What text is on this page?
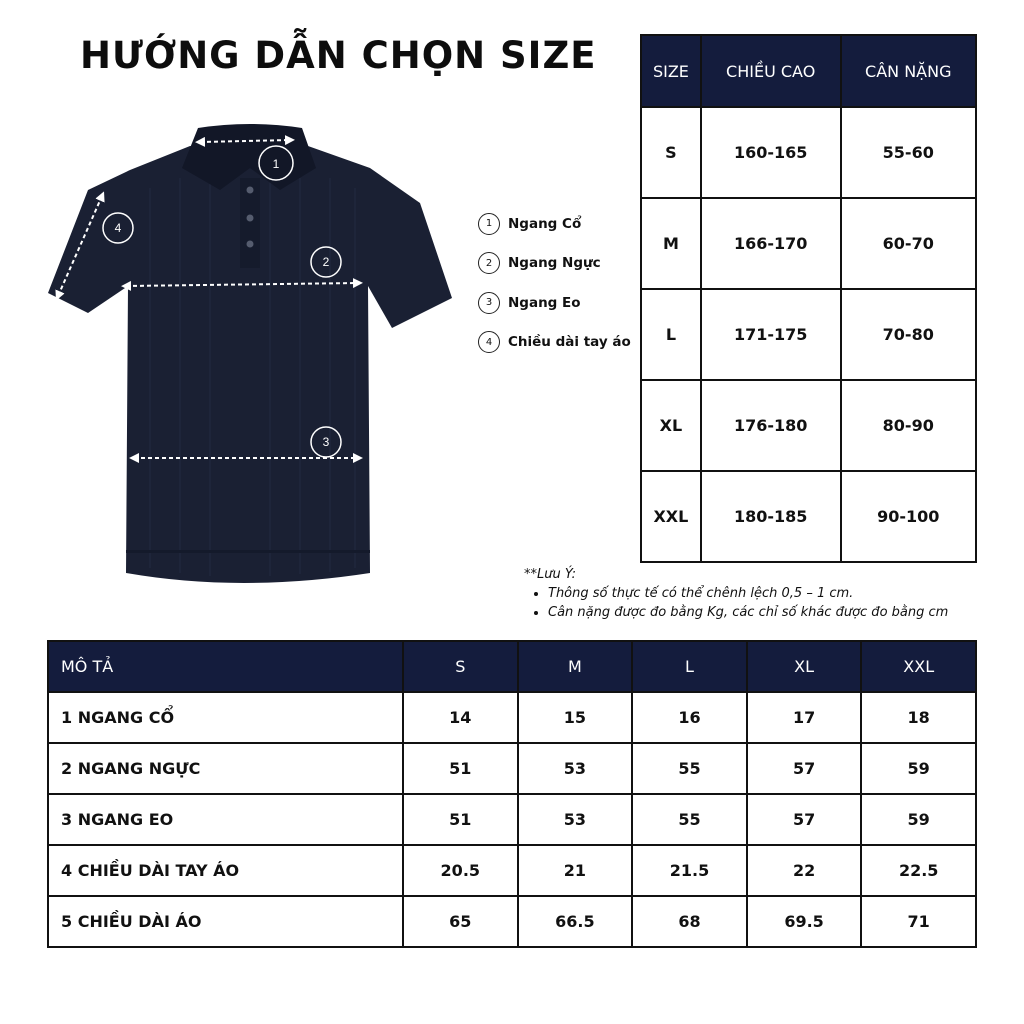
HƯỚNG DẪN CHỌN SIZE
1
2
3
4	1	Ngang Cổ
2	Ngang Ngực
3	Ngang Eo
4	Chiều dài tay áo
SIZE	CHIỀU CAO	CÂN NẶNG
S	160-165	55-60
M	166-170	60-70
L	171-175	70-80
XL	176-180	80-90
XXL	180-185	90-100
**Lưu Ý:
• Thông số thực tế có thể chênh lệch 0,5 – 1 cm.
• Cân nặng được đo bằng Kg, các chỉ số khác được đo bằng cm
MÔ TẢ	S	M	L	XL	XXL
1 NGANG CỔ	14	15	16	17	18
2 NGANG NGỰC	51	53	55	57	59
3 NGANG EO	51	53	55	57	59
4 CHIỀU DÀI TAY ÁO	20.5	21	21.5	22	22.5
5 CHIỀU DÀI ÁO	65	66.5	68	69.5	71
